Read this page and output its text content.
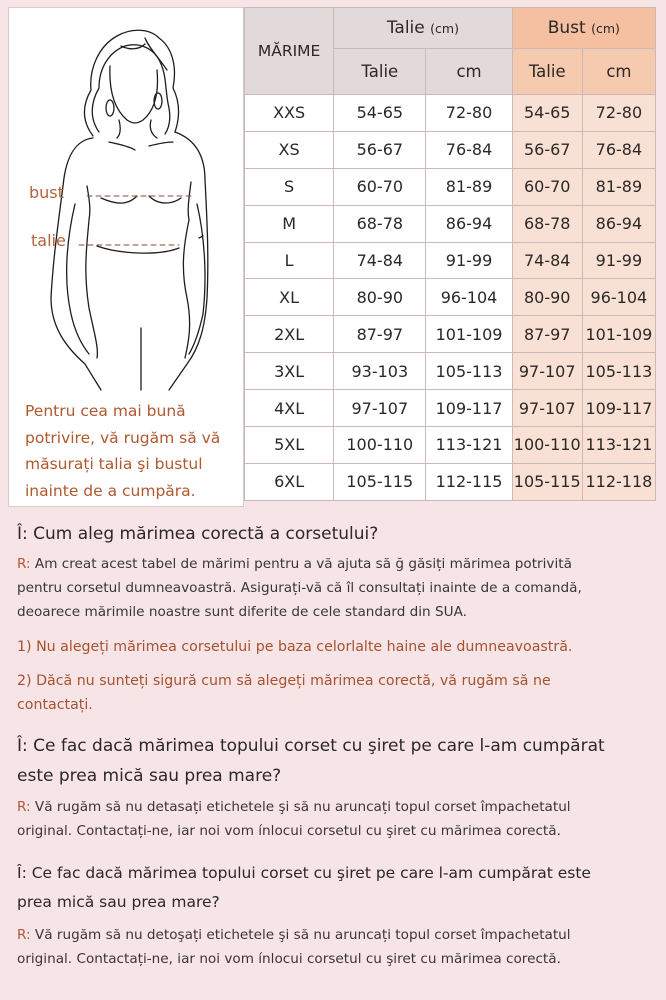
bust
talie
Pentru cea mai bună
potrivire, vă rugăm să vă
măsurați talia şi bustul
inainte de a cumpăra.
MĂRIME	Talie (cm)		Bust (cm)	
	Talie	cm	Talie	cm
XXS	54-65	72-80	54-65	72-80
XS	56-67	76-84	56-67	76-84
S	60-70	81-89	60-70	81-89
M	68-78	86-94	68-78	86-94
L	74-84	91-99	74-84	91-99
XL	80-90	96-104	80-90	96-104
2XL	87-97	101-109	87-97	101-109
3XL	93-103	105-113	97-107	105-113
4XL	97-107	109-117	97-107	109-117
5XL	100-110	113-121	100-110	113-121
6XL	105-115	112-115	105-115	112-118
Î: Cum aleg mărimea corectă a corsetului?
R: Am creat acest tabel de mărimi pentru a vă ajuta să ğ găsiți mărimea potrivită
pentru corsetul dumneavoastră. Asigurați-vă că îl consultați inainte de a comandă,
deoarece mărimile noastre sunt diferite de cele standard din SUA.
1) Nu alegeți mărimea corsetului pe baza celorlalte haine ale dumneavoastră.
2) Dăcă nu sunteți sigură cum să alegeți mărimea corectă, vă rugăm să ne
contactați.
Î: Ce fac dacă mărimea topului corset cu şiret pe care l-am cumpărat
este prea mică sau prea mare?
R: Vă rugăm să nu detasați etichetele şi să nu aruncați topul corset împachetatul
original. Contactați-ne, iar noi vom ínlocui corsetul cu şiret cu mărimea corectă.
Î: Ce fac dacă mărimea topului corset cu şiret pe care l-am cumpărat este
prea mică sau prea mare?
R: Vă rugăm să nu detoşați etichetele şi să nu aruncați topul corset împachetatul
original. Contactați-ne, iar noi vom ínlocui corsetul cu şiret cu mărimea corectă.
